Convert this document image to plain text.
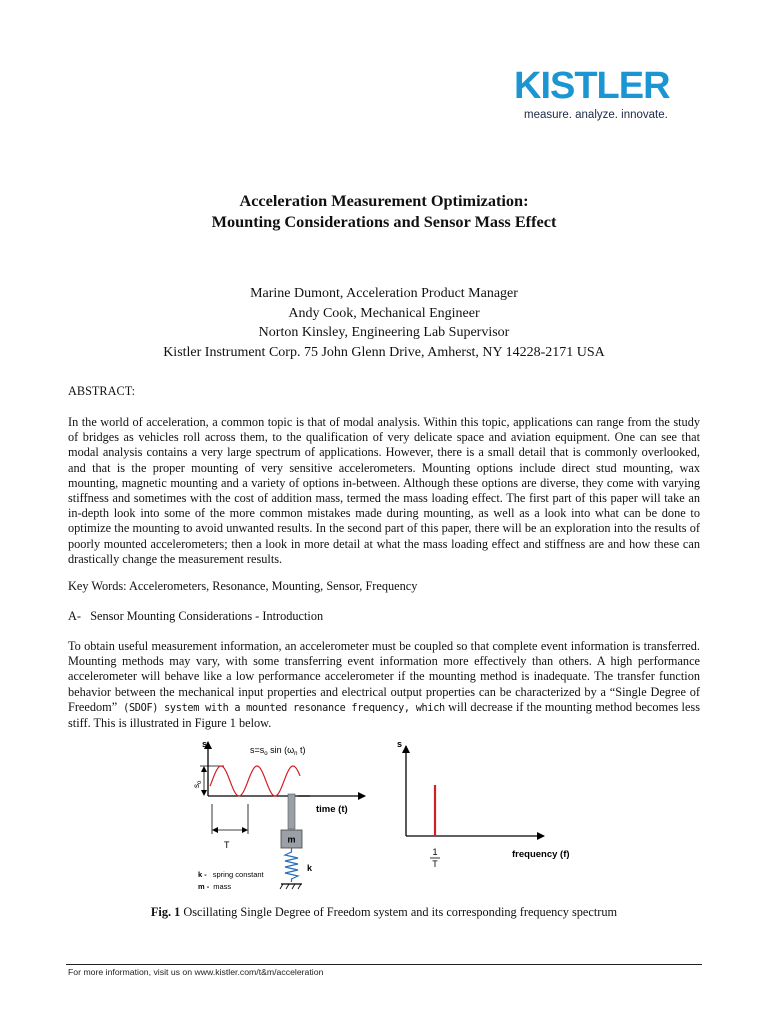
KISTLER
measure. analyze. innovate.
Acceleration Measurement Optimization:
Mounting Considerations and Sensor Mass Effect
Marine Dumont, Acceleration Product Manager
Andy Cook, Mechanical Engineer
Norton Kinsley, Engineering Lab Supervisor
Kistler Instrument Corp. 75 John Glenn Drive, Amherst, NY 14228-2171 USA
ABSTRACT:
In the world of acceleration, a common topic is that of modal analysis. Within this topic, applications can range from the study of bridges as vehicles roll across them, to the qualification of very delicate space and aviation equipment. One can see that modal analysis contains a very large spectrum of applications. However, there is a small detail that is commonly overlooked, and that is the proper mounting of very sensitive accelerometers. Mounting options include direct stud mounting, wax mounting, magnetic mounting and a variety of options in-between. Although these options are diverse, they come with varying stiffness and sometimes with the cost of addition mass, termed the mass loading effect. The first part of this paper will take an in-depth look into some of the more common mistakes made during mounting, as well as a look into what can be done to optimize the mounting to avoid unwanted results. In the second part of this paper, there will be an exploration into the results of poorly mounted accelerometers; then a look in more detail at what the mass loading effect and stiffness are and how these can drastically change the measurement results.
Key Words: Accelerometers, Resonance, Mounting, Sensor, Frequency
A-   Sensor Mounting Considerations - Introduction
To obtain useful measurement information, an accelerometer must be coupled so that complete event information is transferred. Mounting methods may vary, with some transferring event information more effectively than others. A high performance accelerometer will behave like a low performance accelerometer if the mounting method is inadequate. The transfer function behavior between the mechanical input properties and electrical output properties can be characterized by a “Single Degree of Freedom” (SDOF) system with a mounted resonance frequency, which will decrease if the mounting method becomes less stiff. This is illustrated in Figure 1 below.
s
$s=s_o$ $\sin (\omega_n$ t)
$s_o$
T
m
k
time (t)
k - spring constant
m - mass
s
1
T
frequency (f)
Fig. 1 Oscillating Single Degree of Freedom system and its corresponding frequency spectrum
For more information, visit us on www.kistler.com/t&m/acceleration
